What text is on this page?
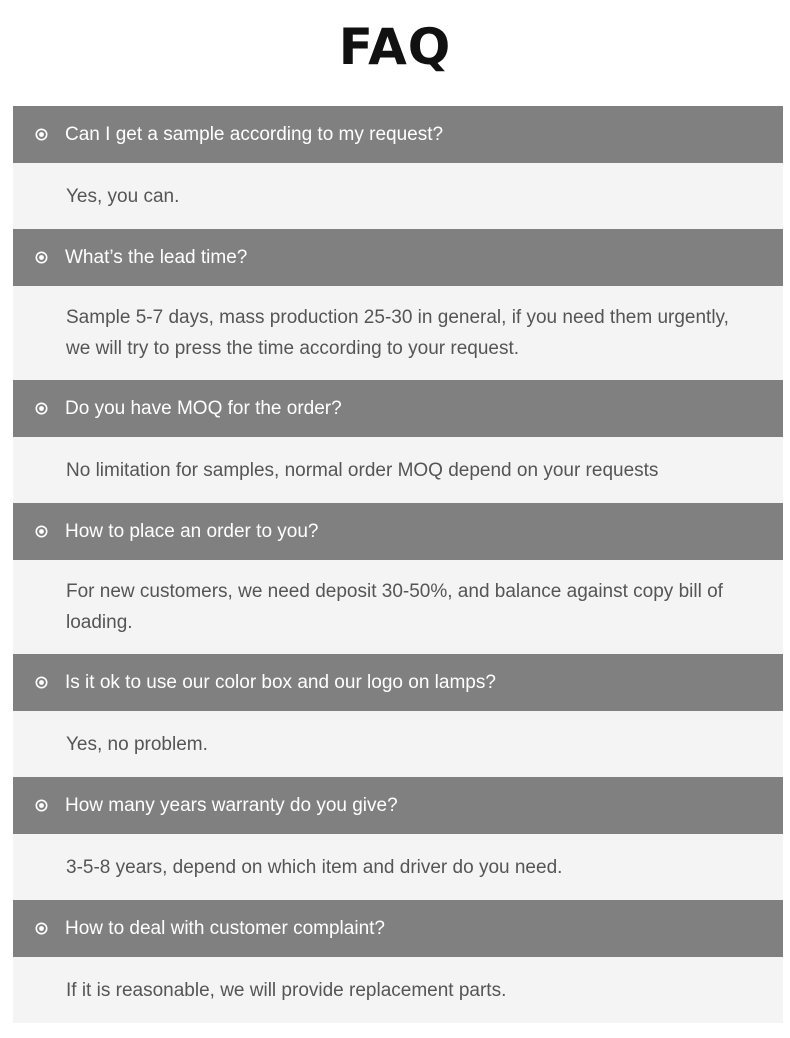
FAQ
Can I get a sample according to my request?
Yes, you can.
What’s the lead time?
Sample 5-7 days, mass production 25-30 in general, if you need them urgently, we will try to press the time according to your request.
Do you have MOQ for the order?
No limitation for samples, normal order MOQ depend on your requests
How to place an order to you?
For new customers, we need deposit 30-50%, and balance against copy bill of loading.
Is it ok to use our color box and our logo on lamps?
Yes, no problem.
How many years warranty do you give?
3-5-8 years, depend on which item and driver do you need.
How to deal with customer complaint?
If it is reasonable, we will provide replacement parts.
